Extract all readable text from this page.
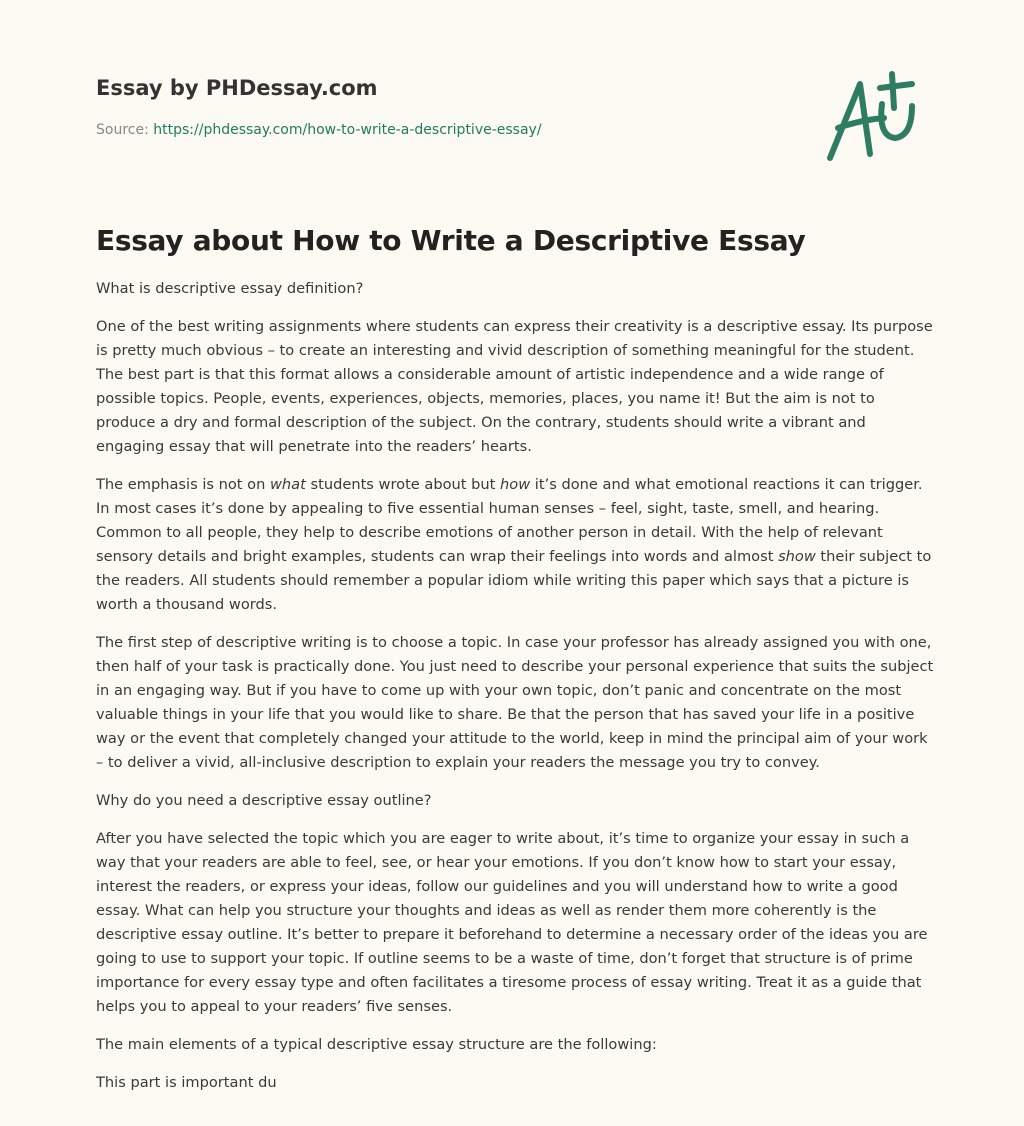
Essay by PHDessay.com
Source: https://phdessay.com/how-to-write-a-descriptive-essay/
Essay about How to Write a Descriptive Essay

What is descriptive essay definition?

One of the best writing assignments where students can express their creativity is a descriptive essay. Its purpose is pretty much obvious – to create an interesting and vivid description of something meaningful for the student. The best part is that this format allows a considerable amount of artistic independence and a wide range of possible topics. People, events, experiences, objects, memories, places, you name it! But the aim is not to produce a dry and formal description of the subject. On the contrary, students should write a vibrant and engaging essay that will penetrate into the readers’ hearts.

The emphasis is not on what students wrote about but how it’s done and what emotional reactions it can trigger. In most cases it’s done by appealing to five essential human senses – feel, sight, taste, smell, and hearing. Common to all people, they help to describe emotions of another person in detail. With the help of relevant sensory details and bright examples, students can wrap their feelings into words and almost show their subject to the readers. All students should remember a popular idiom while writing this paper which says that a picture is worth a thousand words.

The first step of descriptive writing is to choose a topic. In case your professor has already assigned you with one, then half of your task is practically done. You just need to describe your personal experience that suits the subject in an engaging way. But if you have to come up with your own topic, don’t panic and concentrate on the most valuable things in your life that you would like to share. Be that the person that has saved your life in a positive way or the event that completely changed your attitude to the world, keep in mind the principal aim of your work – to deliver a vivid, all-inclusive description to explain your readers the message you try to convey.

Why do you need a descriptive essay outline?

After you have selected the topic which you are eager to write about, it’s time to organize your essay in such a way that your readers are able to feel, see, or hear your emotions. If you don’t know how to start your essay, interest the readers, or express your ideas, follow our guidelines and you will understand how to write a good essay. What can help you structure your thoughts and ideas as well as render them more coherently is the descriptive essay outline. It’s better to prepare it beforehand to determine a necessary order of the ideas you are going to use to support your topic. If outline seems to be a waste of time, don’t forget that structure is of prime importance for every essay type and often facilitates a tiresome process of essay writing. Treat it as a guide that helps you to appeal to your readers’ five senses.

The main elements of a typical descriptive essay structure are the following:

This part is important du
